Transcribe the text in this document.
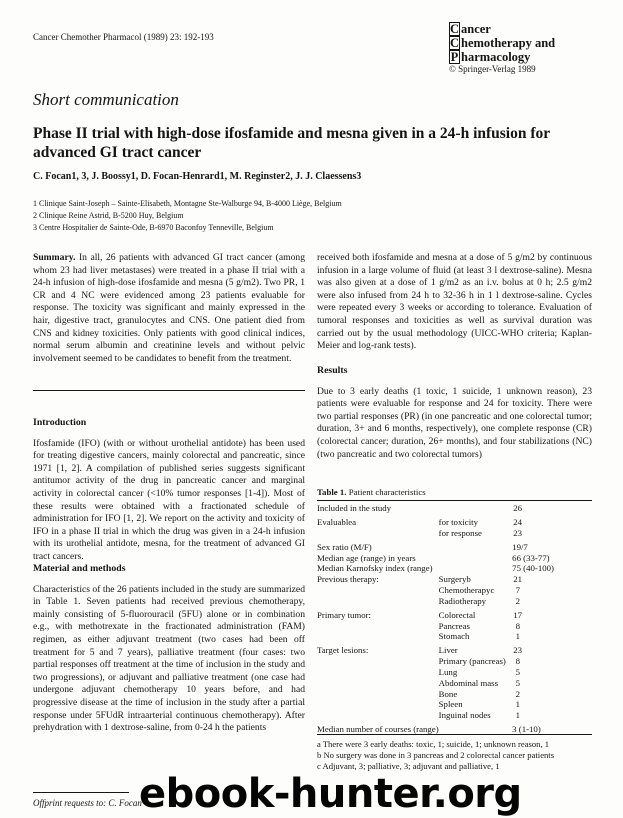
Cancer Chemother Pharmacol (1989) 23: 192-193
C ancer
C hemotherapy and
P harmacology
© Springer-Verlag 1989
Short communication
Phase II trial with high-dose ifosfamide and mesna given in a 24-h infusion for advanced GI tract cancer
C. Focan1, 3, J. Boossy1, D. Focan-Henrard1, M. Reginster2, J. J. Claessens3
1 Clinique Saint-Joseph – Sainte-Elisabeth, Montagne Ste-Walburge 94, B-4000 Liège, Belgium
2 Clinique Reine Astrid, B-5200 Huy, Belgium
3 Centre Hospitalier de Sainte-Ode, B-6970 Baconfoy Tenneville, Belgium

Summary. In all, 26 patients with advanced GI tract cancer (among whom 23 had liver metastases) were treated in a phase II trial with a 24-h infusion of high-dose ifosfamide and mesna (5 g/m2). Two PR, 1 CR and 4 NC were evidenced among 23 patients evaluable for response. The toxicity was significant and mainly expressed in the hair, digestive tract, granulocytes and CNS. One patient died from CNS and kidney toxicities. Only patients with good clinical indices, normal serum albumin and creatinine levels and without pelvic involvement seemed to be candidates to benefit from the treatment.

Introduction

Ifosfamide (IFO) (with or without urothelial antidote) has been used for treating digestive cancers, mainly colorectal and pancreatic, since 1971 [1, 2]. A compilation of published series suggests significant antitumor activity of the drug in pancreatic cancer and marginal activity in colorectal cancer (<10% tumor responses [1-4]). Most of these results were obtained with a fractionated schedule of administration for IFO [1, 2]. We report on the activity and toxicity of IFO in a phase II trial in which the drug was given in a 24-h infusion with its urothelial antidote, mesna, for the treatment of advanced GI tract cancers.

Material and methods

Characteristics of the 26 patients included in the study are summarized in Table 1. Seven patients had received previous chemotherapy, mainly consisting of 5-fluorouracil (5FU) alone or in combination e.g., with methotrexate in the fractionated administration (FAM) regimen, as either adjuvant treatment (two cases had been off treatment for 5 and 7 years), palliative treatment (four cases: two partial responses off treatment at the time of inclusion in the study and two progressions), or adjuvant and palliative treatment (one case had undergone adjuvant chemotherapy 10 years before, and had progressive disease at the time of inclusion in the study after a partial response under 5FUdR intraarterial continuous chemotherapy). After prehydration with 1 dextrose-saline, from 0-24 h the patients

Offprint requests to: C. Focan

received both ifosfamide and mesna at a dose of 5 g/m2 by continuous infusion in a large volume of fluid (at least 3 l dextrose-saline). Mesna was also given at a dose of 1 g/m2 as an i.v. bolus at 0 h; 2.5 g/m2 were also infused from 24 h to 32-36 h in 1 l dextrose-saline. Cycles were repeated every 3 weeks or according to tolerance. Evaluation of tumoral responses and toxicities as well as survival duration was carried out by the usual methodology (UICC-WHO criteria; Kaplan-Meier and log-rank tests).

Results

Due to 3 early deaths (1 toxic, 1 suicide, 1 unknown reason), 23 patients were evaluable for response and 24 for toxicity. There were two partial responses (PR) (in one pancreatic and one colorectal tumor; duration, 3+ and 6 months, respectively), one complete response (CR) (colorectal cancer; duration, 26+ months), and four stabilizations (NC) (two pancreatic and two colorectal tumors)

Table 1. Patient characteristics
Included in the study		26
Evaluablea	for toxicity	24
	for response	23
Sex ratio (M/F)		19/7
Median age (range) in years		66 (33-77)
Median Karnofsky index (range)		75 (40-100)
Previous therapy:	Surgeryb	21
	Chemotherapyc	7
	Radiotherapy	2
Primary tumor:	Colorectal	17
	Pancreas	8
	Stomach	1
Target lesions:	Liver	23
	Primary (pancreas)	8
	Lung	5
	Abdominal mass	5
	Bone	2
	Spleen	1
	Inguinal nodes	1
Median number of courses (range)		3 (1-10)
a There were 3 early deaths: toxic, 1; suicide, 1; unknown reason, 1
b No surgery was done in 3 pancreas and 2 colorectal cancer patients
c Adjuvant, 3; palliative, 3; adjuvant and palliative, 1
ebook-hunter.org
